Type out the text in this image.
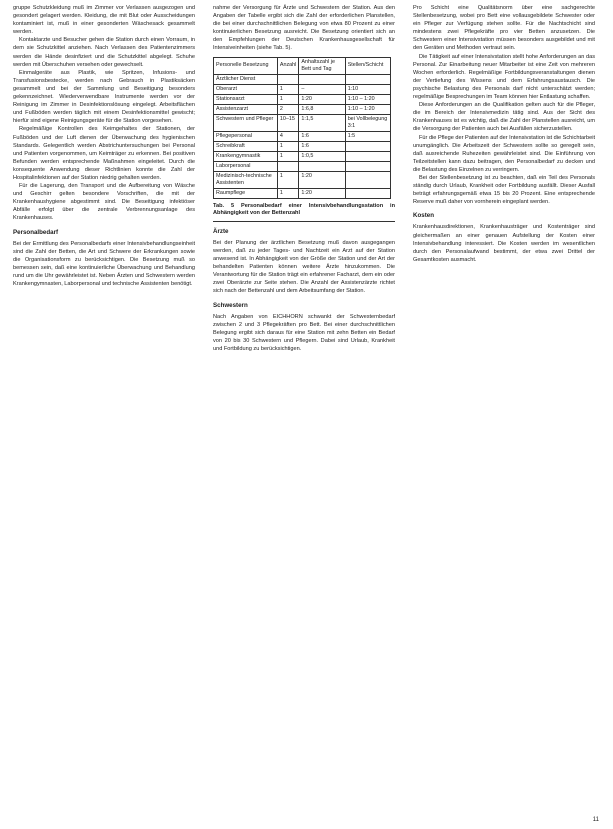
gruppe Schutzkleidung muß im Zimmer vor Verlassen ausgezogen und gesondert gelagert werden. Kleidung, die mit Blut oder Ausscheidungen kontaminiert ist, muß in einer gesonderten Wäschesack gesammelt werden.

Kontaktarzte und Besucher gehen die Station durch einen Vorraum, in dem sie Schutzkittel anziehen. Nach Verlassen des Patientenzimmers werden die Hände desinfiziert und die Schutzkittel abgelegt. Schuhe werden mit Überschuhen versehen oder gewechselt.

Einmalgeräte aus Plastik, wie Spritzen, Infusions- und Transfusionsbestecke, werden nach Gebrauch in Plastiksäcken gesammelt und bei der Sammlung und Beseitigung besonders gekennzeichnet. Wiederverwendbare Instrumente werden vor der Reinigung im Zimmer in Desinfektionslösung eingelegt. Arbeitsflächen und Fußböden werden täglich mit einem Desinfektionsmittel gewischt; hierfür sind eigene Reinigungsgeräte für die Station vorgesehen.

Regelmäßige Kontrollen des Keimgehaltes der Stationen, der Fußböden und der Luft dienen der Überwachung des hygienischen Standards. Gelegentlich werden Abstrichuntersuchungen bei Personal und Patienten vorgenommen, um Keimträger zu erkennen. Bei positiven Befunden werden entsprechende Maßnahmen eingeleitet. Durch die konsequente Anwendung dieser Richtlinien konnte die Zahl der Hospitalinfektionen auf der Station niedrig gehalten werden.

Für die Lagerung, den Transport und die Aufbereitung von Wäsche und Geschirr gelten besondere Vorschriften, die mit der Krankenhaushygiene abgestimmt sind. Die Beseitigung infektiöser Abfälle erfolgt über die zentrale Verbrennungsanlage des Krankenhauses.

Personalbedarf

Bei der Ermittlung des Personalbedarfs einer Intensivbehandlungseinheit sind die Zahl der Betten, die Art und Schwere der Erkrankungen sowie die Organisationsform zu berücksichtigen. Die Besetzung muß so bemessen sein, daß eine kontinuierliche Überwachung und Behandlung rund um die Uhr gewährleistet ist. Neben Ärzten und Schwestern werden Krankengymnasten, Laborpersonal und technische Assistenten benötigt.

nahme der Versorgung für Ärzte und Schwestern der Station. Aus den Angaben der Tabelle ergibt sich die Zahl der erforderlichen Planstellen, die bei einer durchschnittlichen Belegung von etwa 80 Prozent zu einer kontinuierlichen Besetzung ausreicht. Die Besetzung orientiert sich an den Empfehlungen der Deutschen Krankenhausgesellschaft für Intensiveinheiten (siehe Tab. 5).

Personelle Besetzung	Anzahl	Anhaltszahl je Bett und Tag	Stellen/Schicht
Ärztlicher Dienst			
Oberarzt	1	–	1:10
Stationsarzt	1	1:20	1:10 – 1:20
Assistenzarzt	2	1:6,8	1:10 – 1:20
Schwestern und Pfleger	10–15	1:1,5	bei Vollbelegung 3:1
Pflegepersonal	4	1:6	1:5
Schreibkraft	1	1:6	
Krankengymnastik	1	1:0,5	
Laborpersonal			
Medizinisch-technische Assistenten	1	1:20	
Raumpflege	1	1:20	
Tab. 5 Personalbedarf einer Intensivbehandlungsstation in Abhängigkeit von der Bettenzahl
Ärzte

Bei der Planung der ärztlichen Besetzung muß davon ausgegangen werden, daß zu jeder Tages- und Nachtzeit ein Arzt auf der Station anwesend ist. In Abhängigkeit von der Größe der Station und der Art der behandelten Patienten können weitere Ärzte hinzukommen. Die Verantwortung für die Station trägt ein erfahrener Facharzt, dem ein oder zwei Oberärzte zur Seite stehen. Die Anzahl der Assistenzärzte richtet sich nach der Bettenzahl und dem Arbeitsumfang der Station.

Schwestern

Nach Angaben von EICHHORN schwankt der Schwesternbedarf zwischen 2 und 3 Pflegekräften pro Bett. Bei einer durchschnittlichen Belegung ergibt sich daraus für eine Station mit zehn Betten ein Bedarf von 20 bis 30 Schwestern und Pflegern. Dabei sind Urlaub, Krankheit und Fortbildung zu berücksichtigen.

Pro Schicht eine Qualitätsnorm über eine sachgerechte Stellenbesetzung, wobei pro Bett eine vollausgebildete Schwester oder ein Pfleger zur Verfügung stehen sollte. Für die Nachtschicht sind mindestens zwei Pflegekräfte pro vier Betten anzusetzen. Die Schwestern einer Intensivstation müssen besonders ausgebildet und mit den Geräten und Methoden vertraut sein.

Die Tätigkeit auf einer Intensivstation stellt hohe Anforderungen an das Personal. Zur Einarbeitung neuer Mitarbeiter ist eine Zeit von mehreren Wochen erforderlich. Regelmäßige Fortbildungsveranstaltungen dienen der Vertiefung des Wissens und dem Erfahrungsaustausch. Die psychische Belastung des Personals darf nicht unterschätzt werden; regelmäßige Besprechungen im Team können hier Entlastung schaffen.

Diese Anforderungen an die Qualifikation gelten auch für die Pfleger, die im Bereich der Intensivmedizin tätig sind. Aus der Sicht des Krankenhauses ist es wichtig, daß die Zahl der Planstellen ausreicht, um die Versorgung der Patienten auch bei Ausfällen sicherzustellen.

Für die Pflege der Patienten auf der Intensivstation ist die Schichtarbeit unumgänglich. Die Arbeitszeit der Schwestern sollte so geregelt sein, daß ausreichende Ruhezeiten gewährleistet sind. Die Einführung von Teilzeitstellen kann dazu beitragen, den Personalbedarf zu decken und die Belastung des Einzelnen zu verringern.

Bei der Stellenbesetzung ist zu beachten, daß ein Teil des Personals ständig durch Urlaub, Krankheit oder Fortbildung ausfällt. Dieser Ausfall beträgt erfahrungsgemäß etwa 15 bis 20 Prozent. Eine entsprechende Reserve muß daher von vornherein eingeplant werden.

Kosten

Krankenhausdirektionen, Krankenhausträger und Kostenträger sind gleichermaßen an einer genauen Aufstellung der Kosten einer Intensivbehandlung interessiert. Die Kosten werden im wesentlichen durch den Personalaufwand bestimmt, der etwa zwei Drittel der Gesamtkosten ausmacht.

11
